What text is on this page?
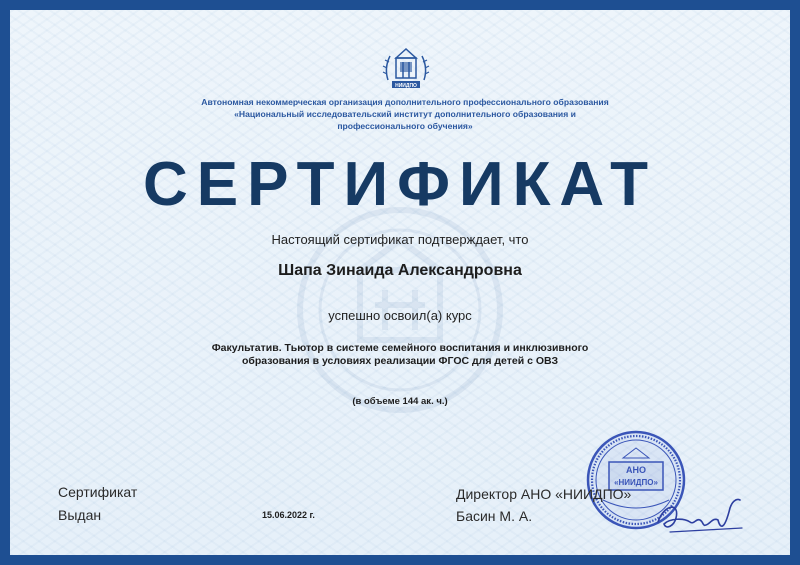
НИИДПО
Автономная некоммерческая организация дополнительного профессионального образования
«Национальный исследовательский институт дополнительного образования и
профессионального обучения»
СЕРТИФИКАТ
Настоящий сертификат подтверждает, что
Шапа Зинаида Александровна
успешно освоил(а) курс
Факультатив. Тьютор в системе семейного воспитания и инклюзивного
образования в условиях реализации ФГОС для детей с ОВЗ
(в объеме 144 ак. ч.)
Сертификат
Выдан	15.06.2022 г.
АНО
«НИИДПО»
Директор АНО «НИИДПО»
Басин М. А.
